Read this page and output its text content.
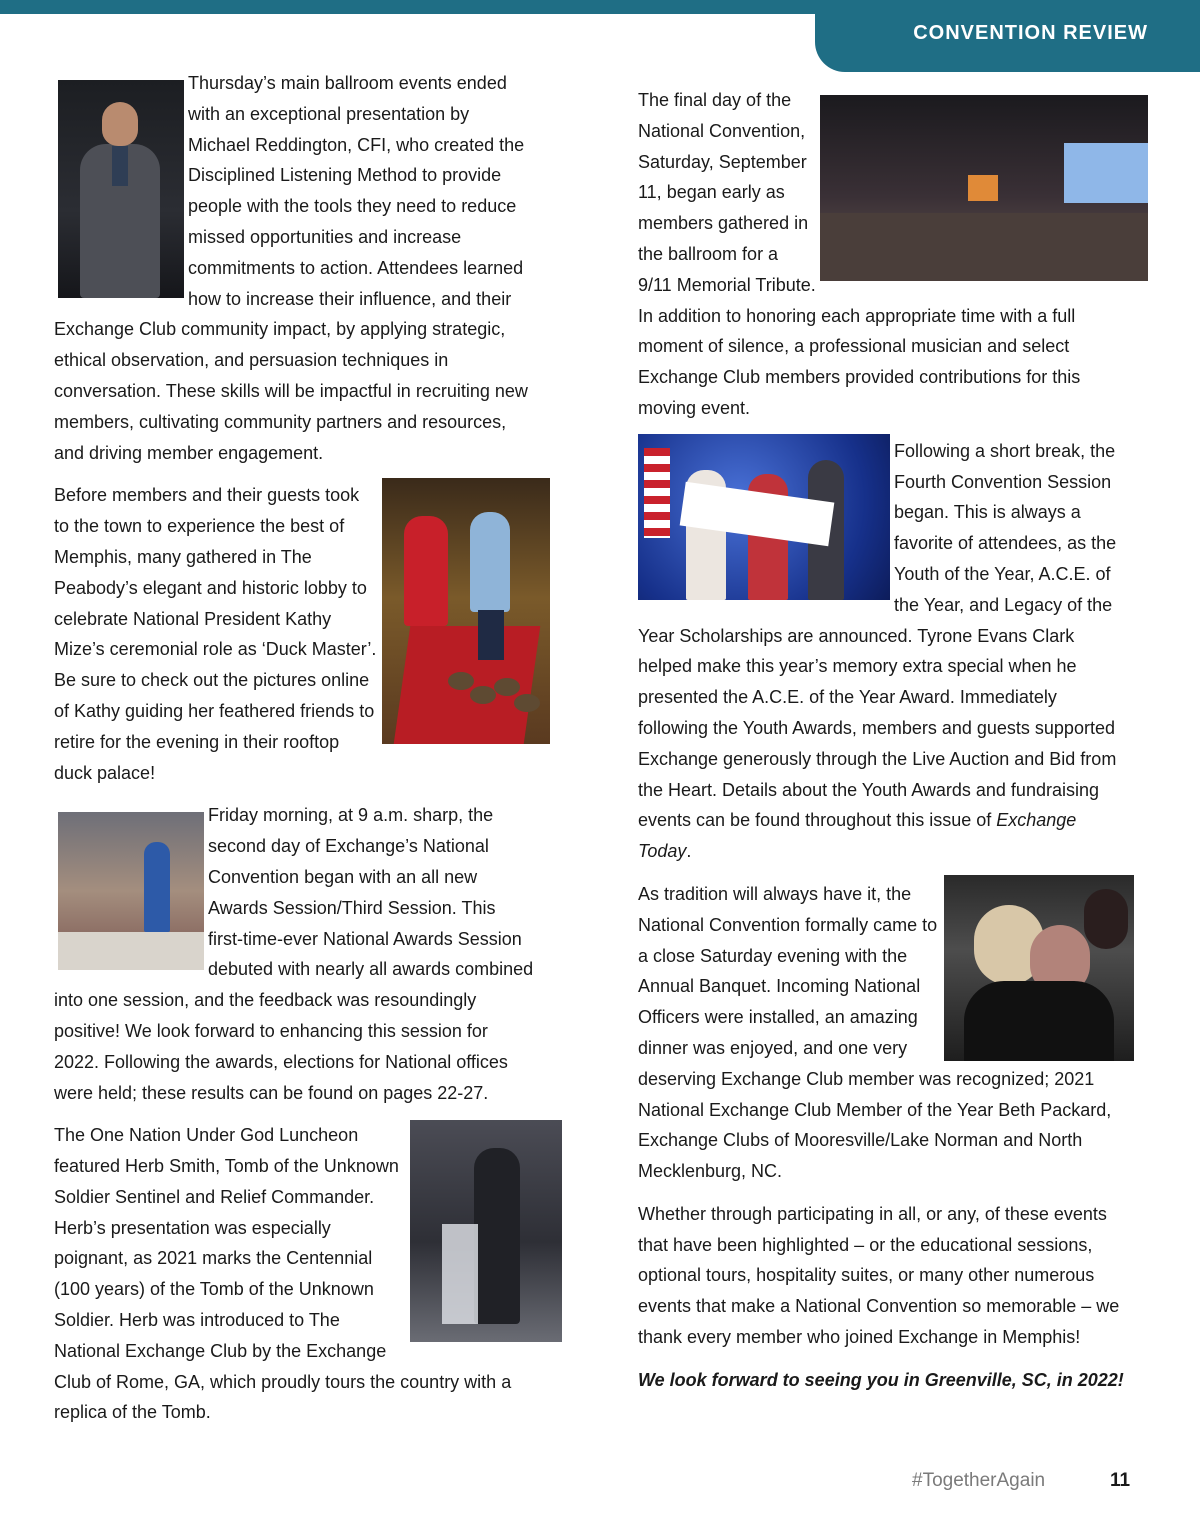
CONVENTION REVIEW

Thursday’s main ballroom events ended with an exceptional presentation by Michael Reddington, CFI, who created the Disciplined Listening Method to provide people with the tools they need to reduce missed opportunities and increase commitments to action. Attendees learned how to increase their influence, and their Exchange Club community impact, by applying strategic, ethical observation, and persuasion techniques in conversation. These skills will be impactful in recruiting new members, cultivating community partners and resources, and driving member engagement.

Before members and their guests took to the town to experience the best of Memphis, many gathered in The Peabody’s elegant and historic lobby to celebrate National President Kathy Mize’s ceremonial role as ‘Duck Master’. Be sure to check out the pictures online of Kathy guiding her feathered friends to retire for the evening in their rooftop duck palace!

Friday morning, at 9 a.m. sharp, the second day of Exchange’s National Convention began with an all new Awards Session/Third Session. This first-time-ever National Awards Session debuted with nearly all awards combined into one session, and the feedback was resoundingly positive! We look forward to enhancing this session for 2022. Following the awards, elections for National offices were held; these results can be found on pages 22-27.

The One Nation Under God Luncheon featured Herb Smith, Tomb of the Unknown Soldier Sentinel and Relief Commander. Herb’s presentation was especially poignant, as 2021 marks the Centennial (100 years) of the Tomb of the Unknown Soldier. Herb was introduced to The National Exchange Club by the Exchange Club of Rome, GA, which proudly tours the country with a replica of the Tomb.

The final day of the National Convention, Saturday, September 11, began early as members gathered in the ballroom for a 9/11 Memorial Tribute. In addition to honoring each appropriate time with a full moment of silence, a professional musician and select Exchange Club members provided contributions for this moving event.

Following a short break, the Fourth Convention Session began. This is always a favorite of attendees, as the Youth of the Year, A.C.E. of the Year, and Legacy of the Year Scholarships are announced. Tyrone Evans Clark helped make this year’s memory extra special when he presented the A.C.E. of the Year Award. Immediately following the Youth Awards, members and guests supported Exchange generously through the Live Auction and Bid from the Heart. Details about the Youth Awards and fundraising events can be found throughout this issue of Exchange Today.

As tradition will always have it, the National Convention formally came to a close Saturday evening with the Annual Banquet. Incoming National Officers were installed, an amazing dinner was enjoyed, and one very deserving Exchange Club member was recognized; 2021 National Exchange Club Member of the Year Beth Packard, Exchange Clubs of Mooresville/Lake Norman and North Mecklenburg, NC.

Whether through participating in all, or any, of these events that have been highlighted – or the educational sessions, optional tours, hospitality suites, or many other numerous events that make a National Convention so memorable – we thank every member who joined Exchange in Memphis!

We look forward to seeing you in Greenville, SC, in 2022!

#TogetherAgain	11
